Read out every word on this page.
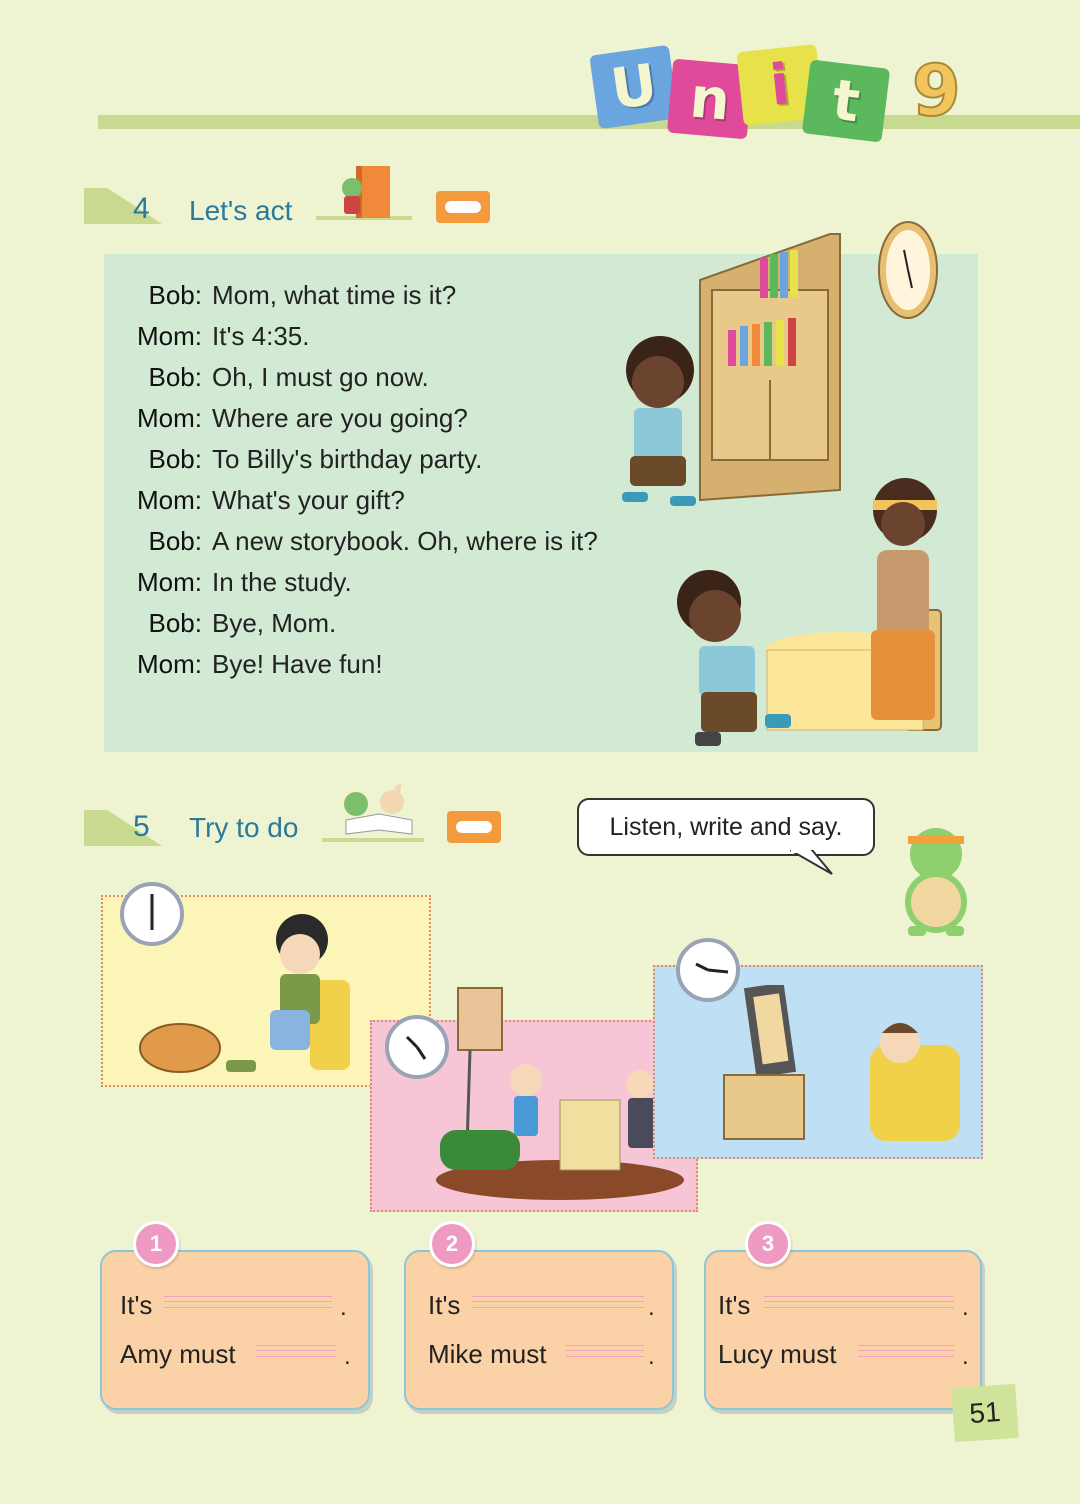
U n i t 9
4 Let's act
Bob: Mom, what time is it?
Mom: It's 4:35.
Bob: Oh, I must go now.
Mom: Where are you going?
Bob: To Billy's birthday party.
Mom: What's your gift?
Bob: A new storybook. Oh, where is it?
Mom: In the study.
Bob: Bye, Mom.
Mom: Bye! Have fun!
5 Try to do	Listen, write and say.
1
It's	.
Amy must	.
2
It's	.
Mike must	.
3
It's	.
Lucy must	.
51
